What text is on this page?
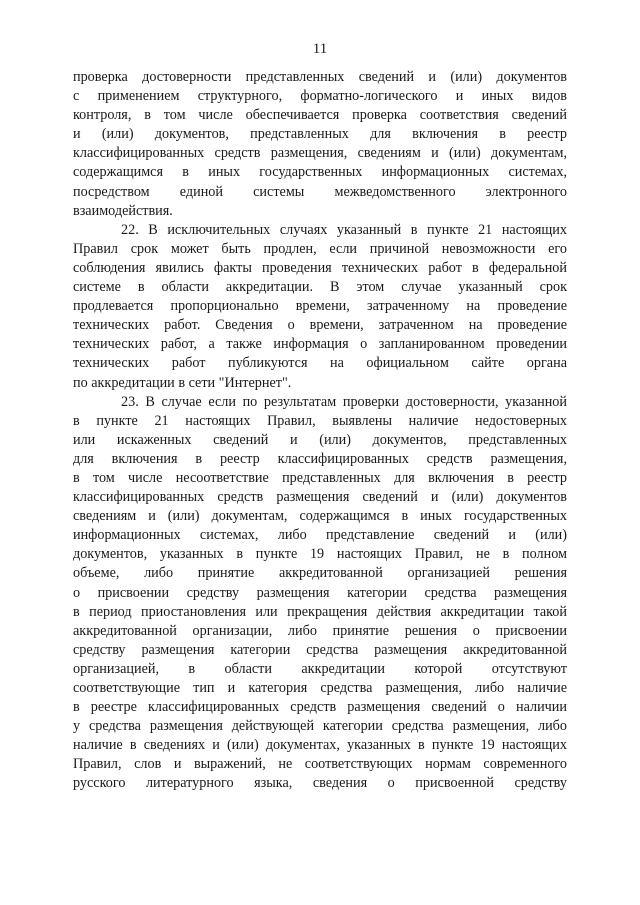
11
проверка достоверности представленных сведений и (или) документов
с применением структурного, форматно-логического и иных видов
контроля, в том числе обеспечивается проверка соответствия сведений
и (или) документов, представленных для включения в реестр
классифицированных средств размещения, сведениям и (или) документам,
содержащимся в иных государственных информационных системах,
посредством единой системы межведомственного электронного
взаимодействия.
22. В исключительных случаях указанный в пункте 21 настоящих
Правил срок может быть продлен, если причиной невозможности его
соблюдения явились факты проведения технических работ в федеральной
системе в области аккредитации. В этом случае указанный срок
продлевается пропорционально времени, затраченному на проведение
технических работ. Сведения о времени, затраченном на проведение
технических работ, а также информация о запланированном проведении
технических работ публикуются на официальном сайте органа
по аккредитации в сети "Интернет".
23. В случае если по результатам проверки достоверности, указанной
в пункте 21 настоящих Правил, выявлены наличие недостоверных
или искаженных сведений и (или) документов, представленных
для включения в реестр классифицированных средств размещения,
в том числе несоответствие представленных для включения в реестр
классифицированных средств размещения сведений и (или) документов
сведениям и (или) документам, содержащимся в иных государственных
информационных системах, либо представление сведений и (или)
документов, указанных в пункте 19 настоящих Правил, не в полном
объеме, либо принятие аккредитованной организацией решения
о присвоении средству размещения категории средства размещения
в период приостановления или прекращения действия аккредитации такой
аккредитованной организации, либо принятие решения о присвоении
средству размещения категории средства размещения аккредитованной
организацией, в области аккредитации которой отсутствуют
соответствующие тип и категория средства размещения, либо наличие
в реестре классифицированных средств размещения сведений о наличии
у средства размещения действующей категории средства размещения, либо
наличие в сведениях и (или) документах, указанных в пункте 19 настоящих
Правил, слов и выражений, не соответствующих нормам современного
русского литературного языка, сведения о присвоенной средству
